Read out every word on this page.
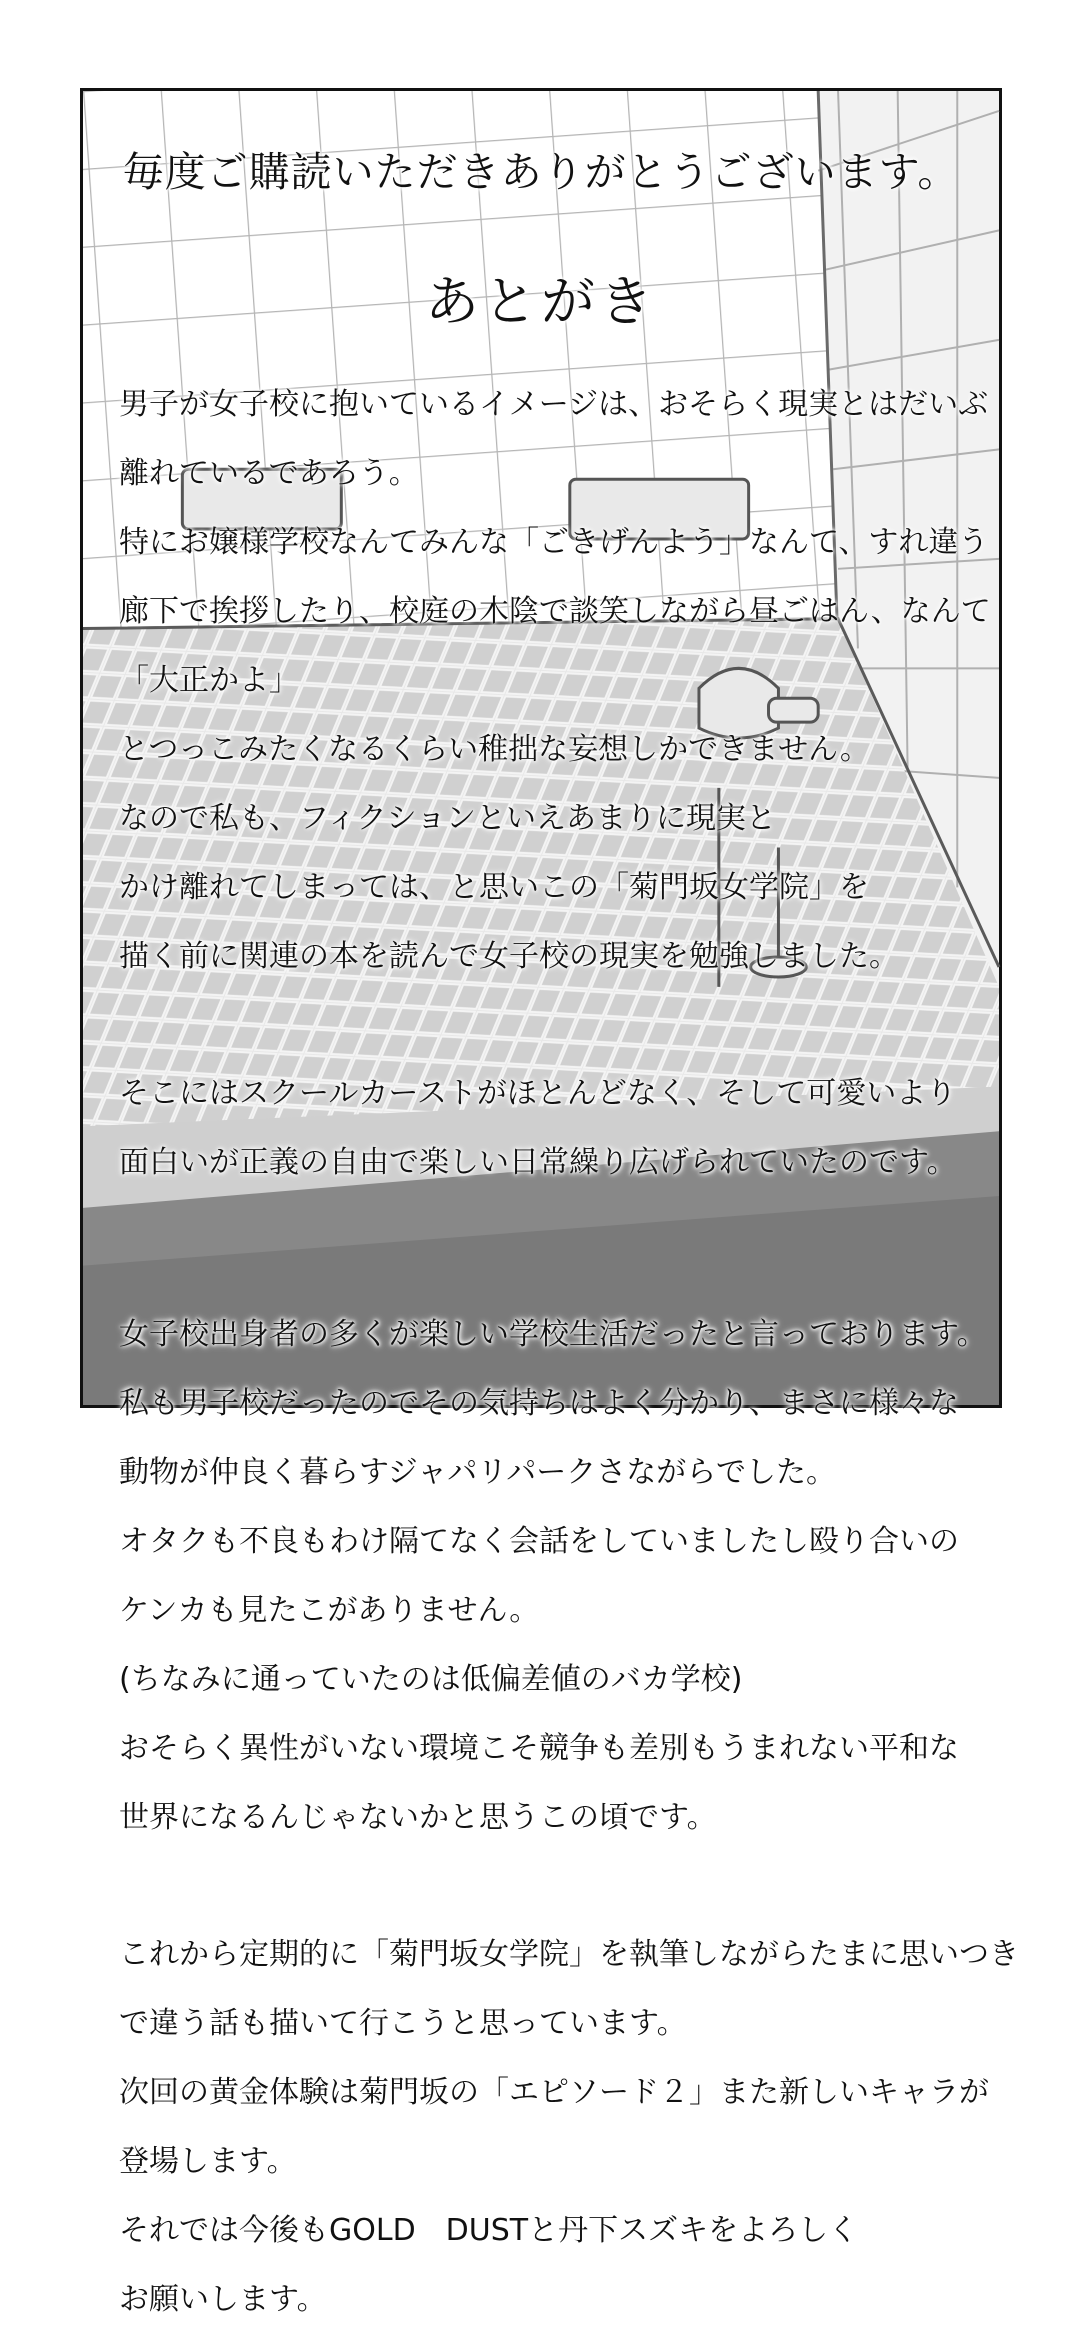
毎度ご購読いただきありがとうございます。
あとがき

男子が女子校に抱いているイメージは、おそらく現実とはだいぶ

離れているであろう。

特にお嬢様学校なんてみんな「ごきげんよう」なんて、すれ違う

廊下で挨拶したり、校庭の木陰で談笑しながら昼ごはん、なんて

「大正かよ」

とつっこみたくなるくらい稚拙な妄想しかできません。

なので私も、フィクションといえあまりに現実と

かけ離れてしまっては、と思いこの「菊門坂女学院」を

描く前に関連の本を読んで女子校の現実を勉強しました。

そこにはスクールカーストがほとんどなく、そして可愛いより

面白いが正義の自由で楽しい日常繰り広げられていたのです。

女子校出身者の多くが楽しい学校生活だったと言っております。

私も男子校だったのでその気持ちはよく分かり、まさに様々な

動物が仲良く暮らすジャパリパークさながらでした。

オタクも不良もわけ隔てなく会話をしていましたし殴り合いの

ケンカも見たこがありません。

(ちなみに通っていたのは低偏差値のバカ学校)

おそらく異性がいない環境こそ競争も差別もうまれない平和な

世界になるんじゃないかと思うこの頃です。

これから定期的に「菊門坂女学院」を執筆しながらたまに思いつき

で違う話も描いて行こうと思っています。

次回の黄金体験は菊門坂の「エピソード２」また新しいキャラが

登場します。

それでは今後もGOLD　DUSTと丹下スズキをよろしく

お願いします。
